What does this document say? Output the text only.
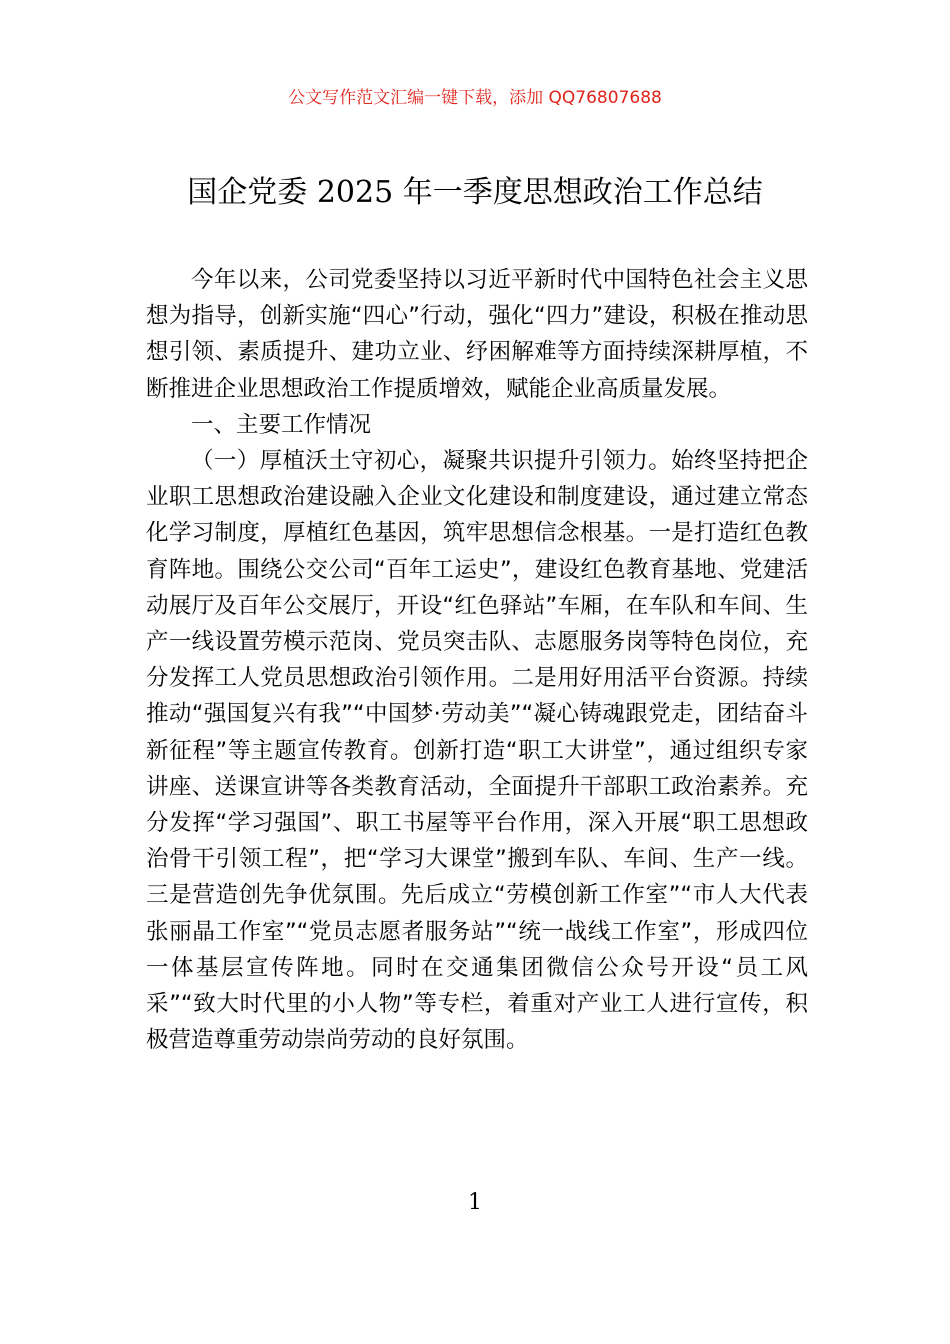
公文写作范文汇编一键下载，添加 QQ76807688
国企党委 2025 年一季度思想政治工作总结

今年以来，公司党委坚持以习近平新时代中国特色社会主义思想为指导，创新实施“四心”行动，强化“四力”建设，积极在推动思想引领、素质提升、建功立业、纾困解难等方面持续深耕厚植，不断推进企业思想政治工作提质增效，赋能企业高质量发展。

一、主要工作情况

（一）厚植沃土守初心，凝聚共识提升引领力。始终坚持把企业职工思想政治建设融入企业文化建设和制度建设，通过建立常态化学习制度，厚植红色基因，筑牢思想信念根基。一是打造红色教育阵地。围绕公交公司“百年工运史”，建设红色教育基地、党建活动展厅及百年公交展厅，开设“红色驿站”车厢，在车队和车间、生产一线设置劳模示范岗、党员突击队、志愿服务岗等特色岗位，充分发挥工人党员思想政治引领作用。二是用好用活平台资源。持续推动“强国复兴有我”“中国梦·劳动美”“凝心铸魂跟党走，团结奋斗新征程”等主题宣传教育。创新打造“职工大讲堂”，通过组织专家讲座、送课宣讲等各类教育活动，全面提升干部职工政治素养。充分发挥“学习强国”、职工书屋等平台作用，深入开展“职工思想政治骨干引领工程”，把“学习大课堂”搬到车队、车间、生产一线。三是营造创先争优氛围。先后成立“劳模创新工作室”“市人大代表张丽晶工作室”“党员志愿者服务站”“统一战线工作室”，形成四位一体基层宣传阵地。同时在交通集团微信公众号开设“员工风采”“致大时代里的小人物”等专栏，着重对产业工人进行宣传，积极营造尊重劳动崇尚劳动的良好氛围。

1
